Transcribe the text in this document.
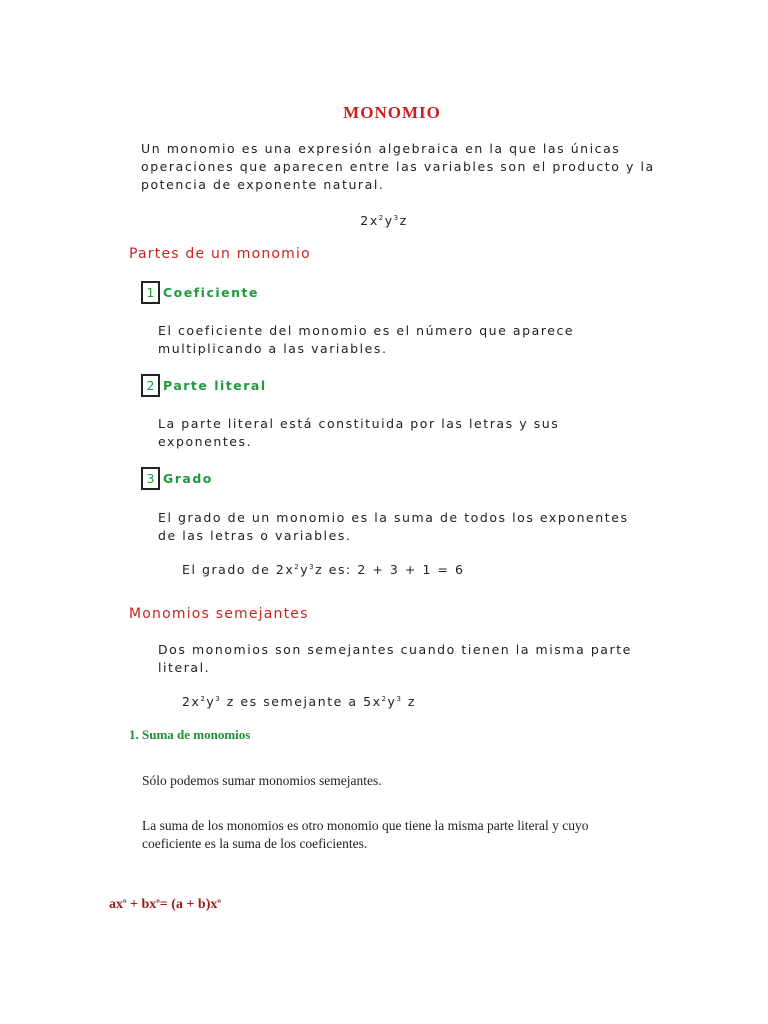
MONOMIO

Un monomio es una expresión algebraica en la que las únicas operaciones que aparecen entre las variables son el producto y la potencia de exponente natural.

$2x^2y^3z$

Partes de un monomio
1 Coeficiente

El coeficiente del monomio es el número que aparece multiplicando a las variables.

2 Parte literal

La parte literal está constituida por las letras y sus exponentes.

3 Grado

El grado de un monomio es la suma de todos los exponentes de las letras o variables.

El grado de $2x^2y^3z$ es: 2 + 3 + 1 = 6

Monomios semejantes

Dos monomios son semejantes cuando tienen la misma parte literal.

$2x^2y^3$ z es semejante a $5x^2y^3$ z

1. Suma de monomios

Sólo podemos sumar monomios semejantes.

La suma de los monomios es otro monomio que tiene la misma parte literal y cuyo coeficiente es la suma de los coeficientes.

$ax^n + bx^n= (a + b)x^n$
